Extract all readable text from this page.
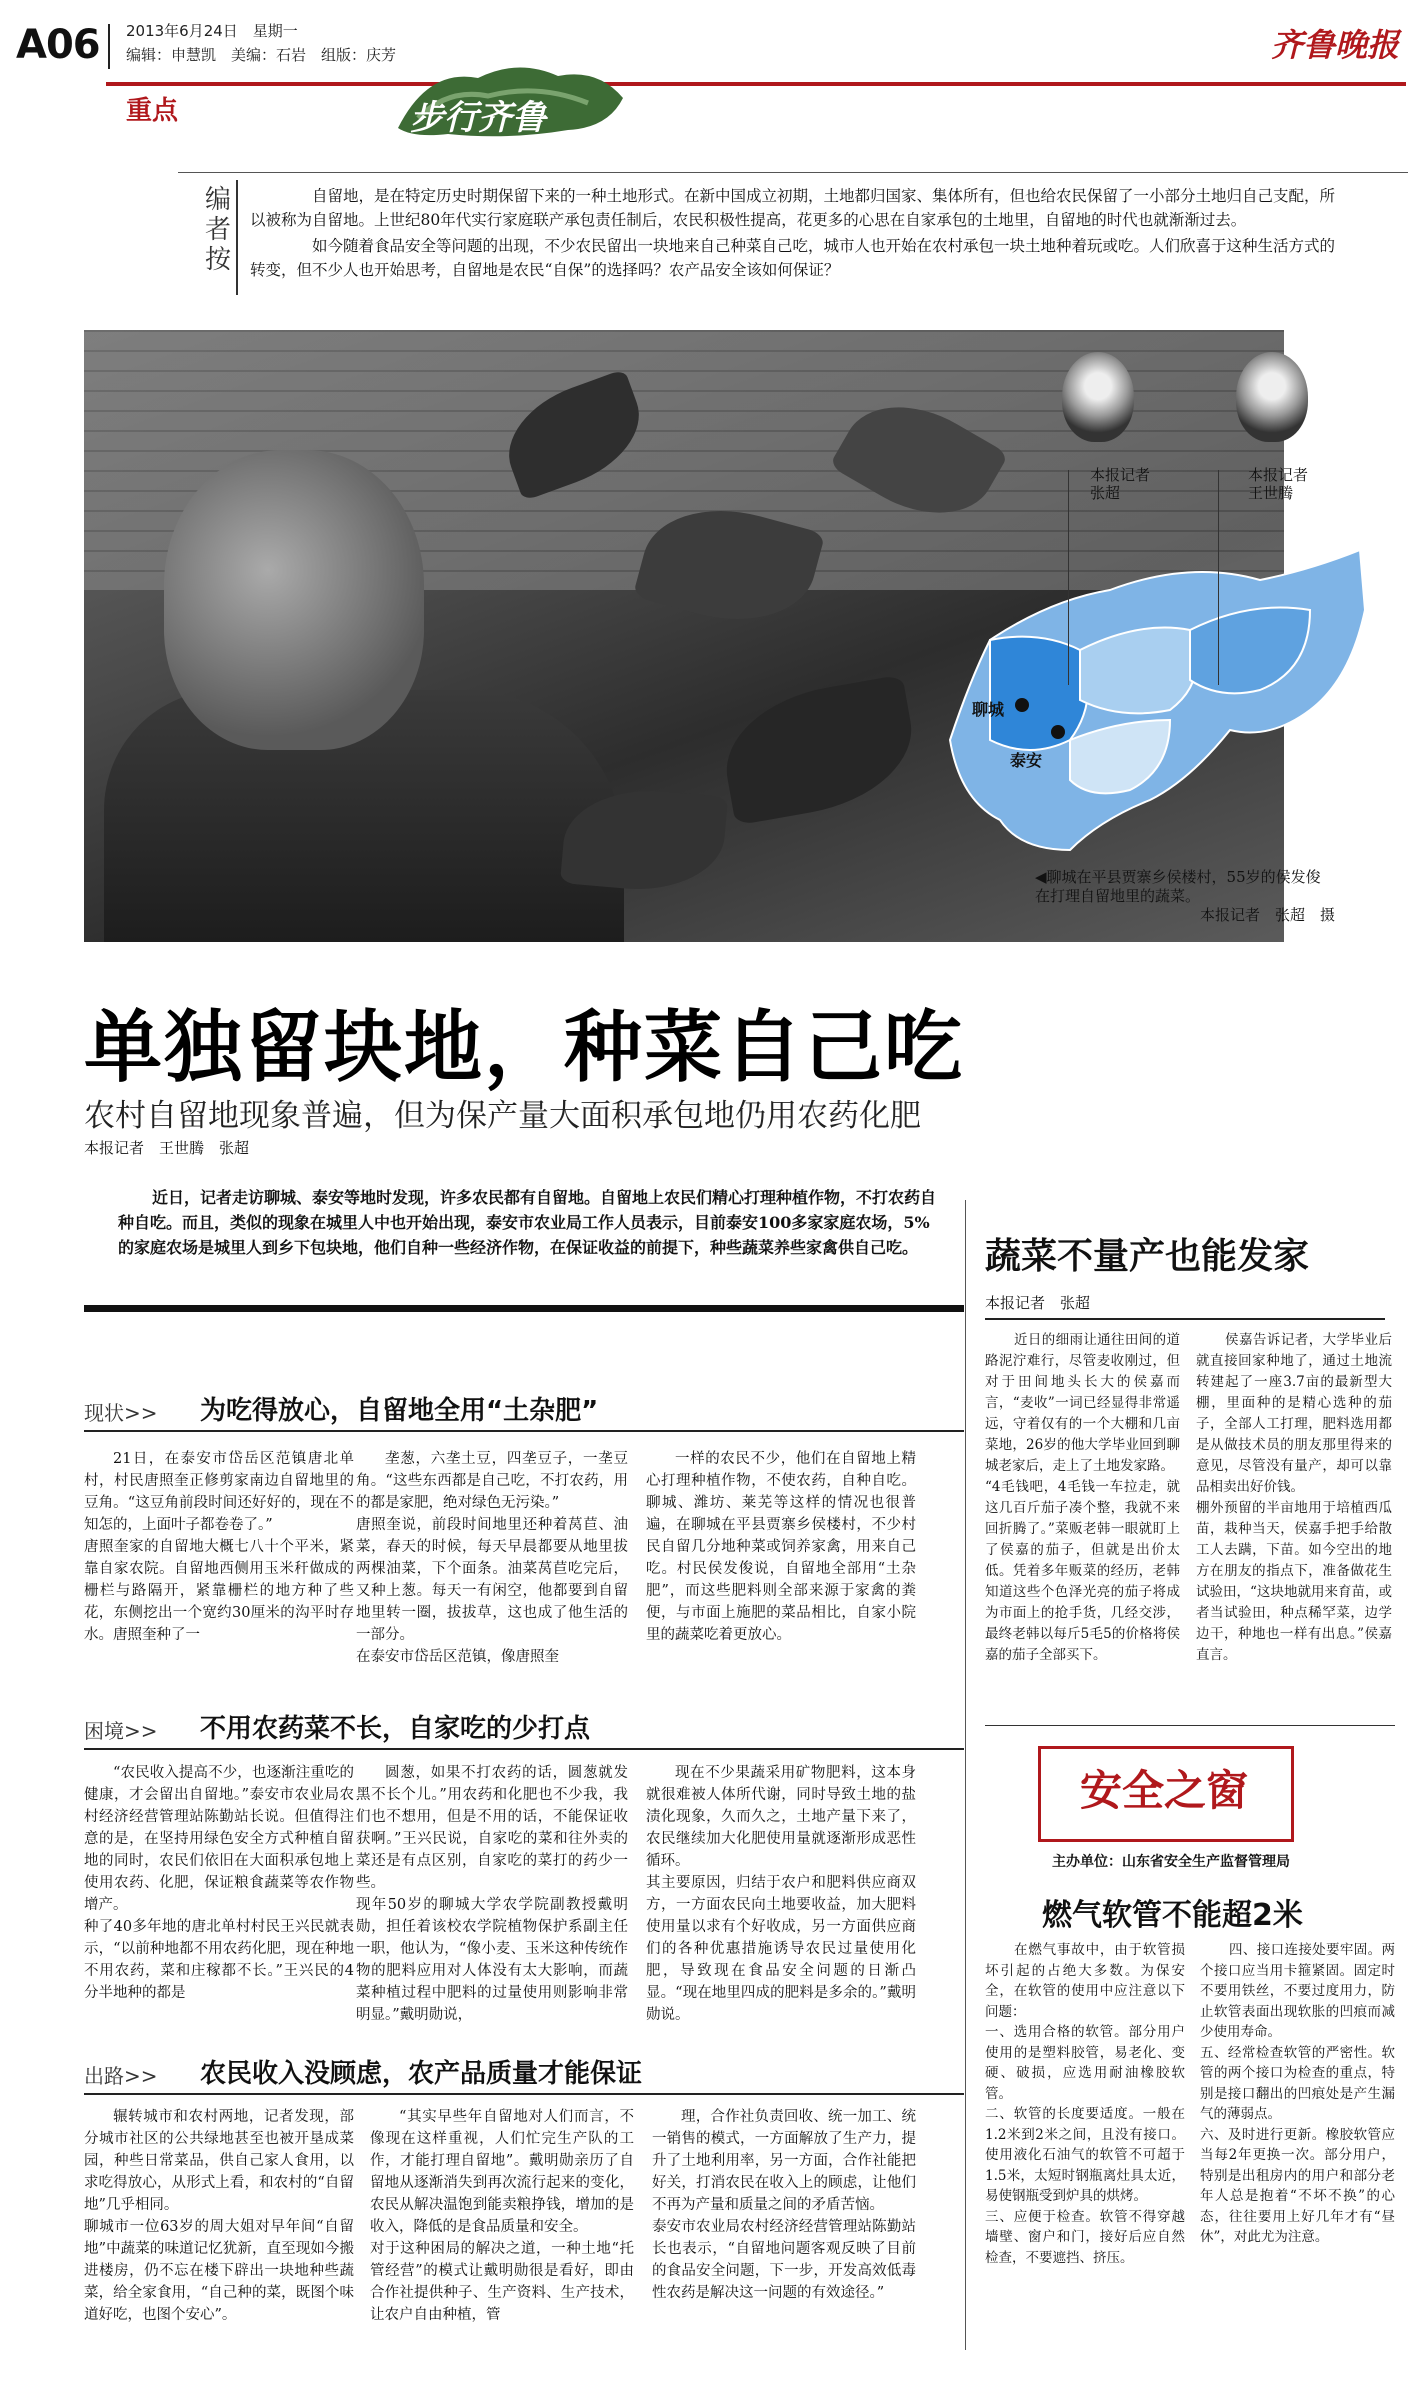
A06 2013年6月24日　星期一
编辑：申慧凯　美编：石岩　组版：庆芳	齐鲁晚报
重点	步行齐鲁
编者按

自留地，是在特定历史时期保留下来的一种土地形式。在新中国成立初期，土地都归国家、集体所有，但也给农民保留了一小部分土地归自己支配，所以被称为自留地。上世纪80年代实行家庭联产承包责任制后，农民积极性提高，花更多的心思在自家承包的土地里，自留地的时代也就渐渐过去。

如今随着食品安全等问题的出现，不少农民留出一块地来自己种菜自己吃，城市人也开始在农村承包一块土地种着玩或吃。人们欣喜于这种生活方式的转变，但不少人也开始思考，自留地是农民“自保”的选择吗？农产品安全该如何保证？

聊城
泰安
本报记者
张超
本报记者
王世腾
◀聊城在平县贾寨乡侯楼村，55岁的侯发俊在打理自留地里的蔬菜。
本报记者　张超　摄
单独留块地，种菜自己吃
农村自留地现象普遍，但为保产量大面积承包地仍用农药化肥
本报记者　王世腾　张超
近日，记者走访聊城、泰安等地时发现，许多农民都有自留地。自留地上农民们精心打理种植作物，不打农药自种自吃。而且，类似的现象在城里人中也开始出现，泰安市农业局工作人员表示，目前泰安100多家家庭农场，5%的家庭农场是城里人到乡下包块地，他们自种一些经济作物，在保证收益的前提下，种些蔬菜养些家禽供自己吃。
现状>> 为吃得放心，自留地全用“土杂肥”
21日，在泰安市岱岳区范镇唐北单村，村民唐照奎正修剪家南边自留地里的豆角。“这豆角前段时间还好好的，现在不知怎的，上面叶子都卷卷了。”
唐照奎家的自留地大概七八十个平米，紧靠自家农院。自留地西侧用玉米秆做成的栅栏与路隔开，紧靠栅栏的地方种了些花，东侧挖出一个宽约30厘米的沟平时存水。唐照奎种了一
垄葱，六垄土豆，四垄豆子，一垄豆角。“这些东西都是自己吃，不打农药，用的都是家肥，绝对绿色无污染。”
唐照奎说，前段时间地里还种着莴苣、油菜，春天的时候，每天早晨都要从地里拔两棵油菜，下个面条。油菜莴苣吃完后，又种上葱。每天一有闲空，他都要到自留地里转一圈，拔拔草，这也成了他生活的一部分。
在泰安市岱岳区范镇，像唐照奎
一样的农民不少，他们在自留地上精心打理种植作物，不使农药，自种自吃。聊城、潍坊、莱芜等这样的情况也很普遍，在聊城在平县贾寨乡侯楼村，不少村民自留几分地种菜或饲养家禽，用来自己吃。村民侯发俊说，自留地全部用“土杂肥”，而这些肥料则全部来源于家禽的粪便，与市面上施肥的菜品相比，自家小院里的蔬菜吃着更放心。
困境>> 不用农药菜不长，自家吃的少打点
“农民收入提高不少，也逐渐注重吃的健康，才会留出自留地。”泰安市农业局农村经济经营管理站陈勤站长说。但值得注意的是，在坚持用绿色安全方式种植自留地的同时，农民们依旧在大面积承包地上使用农药、化肥，保证粮食蔬菜等农作物增产。
种了40多年地的唐北单村村民王兴民就表示，“以前种地都不用农药化肥，现在种地不用农药，菜和庄稼都不长。”王兴民的4分半地种的都是
圆葱，如果不打农药的话，圆葱就发黑不长个儿。”用农药和化肥也不少我，我们也不想用，但是不用的话，不能保证收获啊。”王兴民说，自家吃的菜和往外卖的菜还是有点区别，自家吃的菜打的药少一些。
现年50岁的聊城大学农学院副教授戴明勋，担任着该校农学院植物保护系副主任一职，他认为，“像小麦、玉米这种传统作物的肥料应用对人体没有太大影响，而蔬菜种植过程中肥料的过量使用则影响非常明显。”戴明勋说，
现在不少果蔬采用矿物肥料，这本身就很难被人体所代谢，同时导致土地的盐渍化现象，久而久之，土地产量下来了，农民继续加大化肥使用量就逐渐形成恶性循环。
其主要原因，归结于农户和肥料供应商双方，一方面农民向土地要收益，加大肥料使用量以求有个好收成，另一方面供应商们的各种优惠措施诱导农民过量使用化肥，导致现在食品安全问题的日渐凸显。“现在地里四成的肥料是多余的。”戴明勋说。
出路>> 农民收入没顾虑，农产品质量才能保证
辗转城市和农村两地，记者发现，部分城市社区的公共绿地甚至也被开垦成菜园，种些日常菜品，供自己家人食用，以求吃得放心，从形式上看，和农村的“自留地”几乎相同。
聊城市一位63岁的周大姐对早年间“自留地”中蔬菜的味道记忆犹新，直至现如今搬进楼房，仍不忘在楼下辟出一块地种些蔬菜，给全家食用，“自己种的菜，既图个味道好吃，也图个安心”。
“其实早些年自留地对人们而言，不像现在这样重视，人们忙完生产队的工作，才能打理自留地”。戴明勋亲历了自留地从逐渐消失到再次流行起来的变化，农民从解决温饱到能卖粮挣钱，增加的是收入，降低的是食品质量和安全。
对于这种困局的解决之道，一种土地“托管经营”的模式让戴明勋很是看好，即由合作社提供种子、生产资料、生产技术，让农户自由种植，管
理，合作社负责回收、统一加工、统一销售的模式，一方面解放了生产力，提升了土地利用率，另一方面，合作社能把好关，打消农民在收入上的顾虑，让他们不再为产量和质量之间的矛盾苦恼。
泰安市农业局农村经济经营管理站陈勤站长也表示，“自留地问题客观反映了目前的食品安全问题，下一步，开发高效低毒性农药是解决这一问题的有效途径。”
蔬菜不量产也能发家
本报记者　张超
近日的细雨让通往田间的道路泥泞难行，尽管麦收刚过，但对于田间地头长大的侯嘉而言，“麦收”一词已经显得非常遥远，守着仅有的一个大棚和几亩菜地，26岁的他大学毕业回到聊城老家后，走上了土地发家路。
“4毛钱吧，4毛钱一车拉走，就这几百斤茄子凑个整，我就不来回折腾了。”菜贩老韩一眼就盯上了侯嘉的茄子，但就是出价太低。凭着多年贩菜的经历，老韩知道这些个色泽光亮的茄子将成为市面上的抢手货，几经交涉，最终老韩以每斤5毛5的价格将侯嘉的茄子全部买下。
侯嘉告诉记者，大学毕业后就直接回家种地了，通过土地流转建起了一座3.7亩的最新型大棚，里面种的是精心选种的茄子，全部人工打理，肥料选用都是从做技术员的朋友那里得来的意见，尽管没有量产，却可以靠品相卖出好价钱。
棚外预留的半亩地用于培植西瓜苗，栽种当天，侯嘉手把手给散工人去蹒，下苗。如今空出的地方在朋友的指点下，准备做花生试验田，“这块地就用来育苗，或者当试验田，种点稀罕菜，边学边干，种地也一样有出息。”侯嘉直言。
安全之窗
主办单位：山东省安全生产监督管理局
燃气软管不能超2米
在燃气事故中，由于软管损坏引起的占绝大多数。为保安全，在软管的使用中应注意以下问题：
一、选用合格的软管。部分用户使用的是塑料胶管，易老化、变硬、破损，应选用耐油橡胶软管。
二、软管的长度要适度。一般在1.2米到2米之间，且没有接口。使用液化石油气的软管不可超于1.5米，太短时钢瓶离灶具太近，易使钢瓶受到炉具的烘烤。
三、应便于检查。软管不得穿越墙壁、窗户和门，接好后应自然检查，不要遮挡、挤压。
四、接口连接处要牢固。两个接口应当用卡箍紧固。固定时不要用铁丝，不要过度用力，防止软管表面出现软胀的凹痕而减少使用寿命。
五、经常检查软管的严密性。软管的两个接口为检查的重点，特别是接口翻出的凹痕处是产生漏气的薄弱点。
六、及时进行更新。橡胶软管应当每2年更换一次。部分用户，特别是出租房内的用户和部分老年人总是抱着“不坏不换”的心态，往往要用上好几年才有“昼休”，对此尤为注意。
